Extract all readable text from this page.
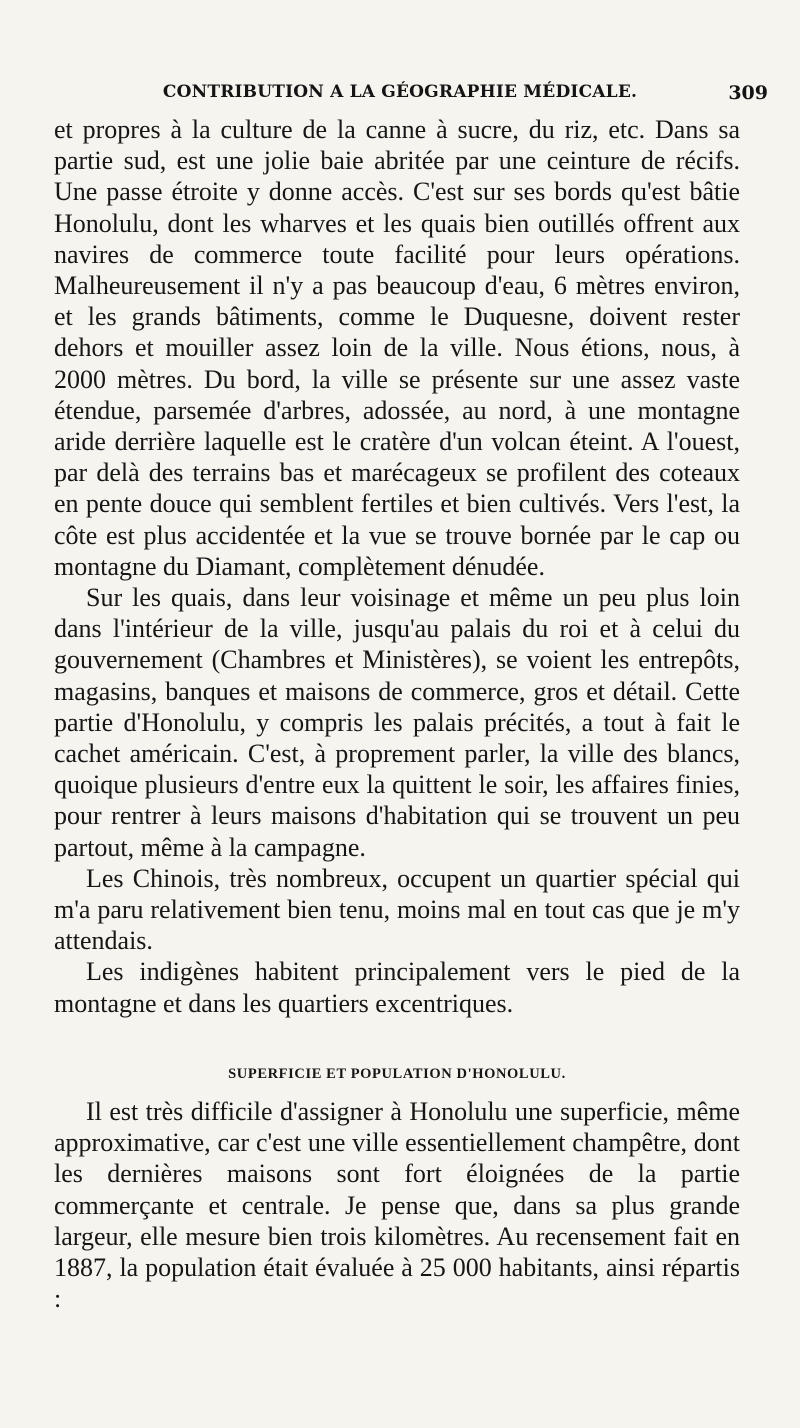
CONTRIBUTION A LA GÉOGRAPHIE MÉDICALE.	309

et propres à la culture de la canne à sucre, du riz, etc. Dans sa partie sud, est une jolie baie abritée par une ceinture de récifs. Une passe étroite y donne accès. C'est sur ses bords qu'est bâtie Honolulu, dont les wharves et les quais bien outillés offrent aux navires de commerce toute facilité pour leurs opérations. Malheureusement il n'y a pas beaucoup d'eau, 6 mètres environ, et les grands bâtiments, comme le Duquesne, doivent rester dehors et mouiller assez loin de la ville. Nous étions, nous, à 2000 mètres. Du bord, la ville se présente sur une assez vaste étendue, parsemée d'arbres, adossée, au nord, à une montagne aride derrière laquelle est le cratère d'un volcan éteint. A l'ouest, par delà des terrains bas et marécageux se profilent des coteaux en pente douce qui semblent fertiles et bien cultivés. Vers l'est, la côte est plus accidentée et la vue se trouve bornée par le cap ou montagne du Diamant, complètement dénudée.

Sur les quais, dans leur voisinage et même un peu plus loin dans l'intérieur de la ville, jusqu'au palais du roi et à celui du gouvernement (Chambres et Ministères), se voient les entrepôts, magasins, banques et maisons de commerce, gros et détail. Cette partie d'Honolulu, y compris les palais précités, a tout à fait le cachet américain. C'est, à proprement parler, la ville des blancs, quoique plusieurs d'entre eux la quittent le soir, les affaires finies, pour rentrer à leurs maisons d'habitation qui se trouvent un peu partout, même à la campagne.

Les Chinois, très nombreux, occupent un quartier spécial qui m'a paru relativement bien tenu, moins mal en tout cas que je m'y attendais.

Les indigènes habitent principalement vers le pied de la montagne et dans les quartiers excentriques.

SUPERFICIE ET POPULATION D'HONOLULU.

Il est très difficile d'assigner à Honolulu une superficie, même approximative, car c'est une ville essentiellement champêtre, dont les dernières maisons sont fort éloignées de la partie commerçante et centrale. Je pense que, dans sa plus grande largeur, elle mesure bien trois kilomètres. Au recensement fait en 1887, la population était évaluée à 25 000 habitants, ainsi répartis :
